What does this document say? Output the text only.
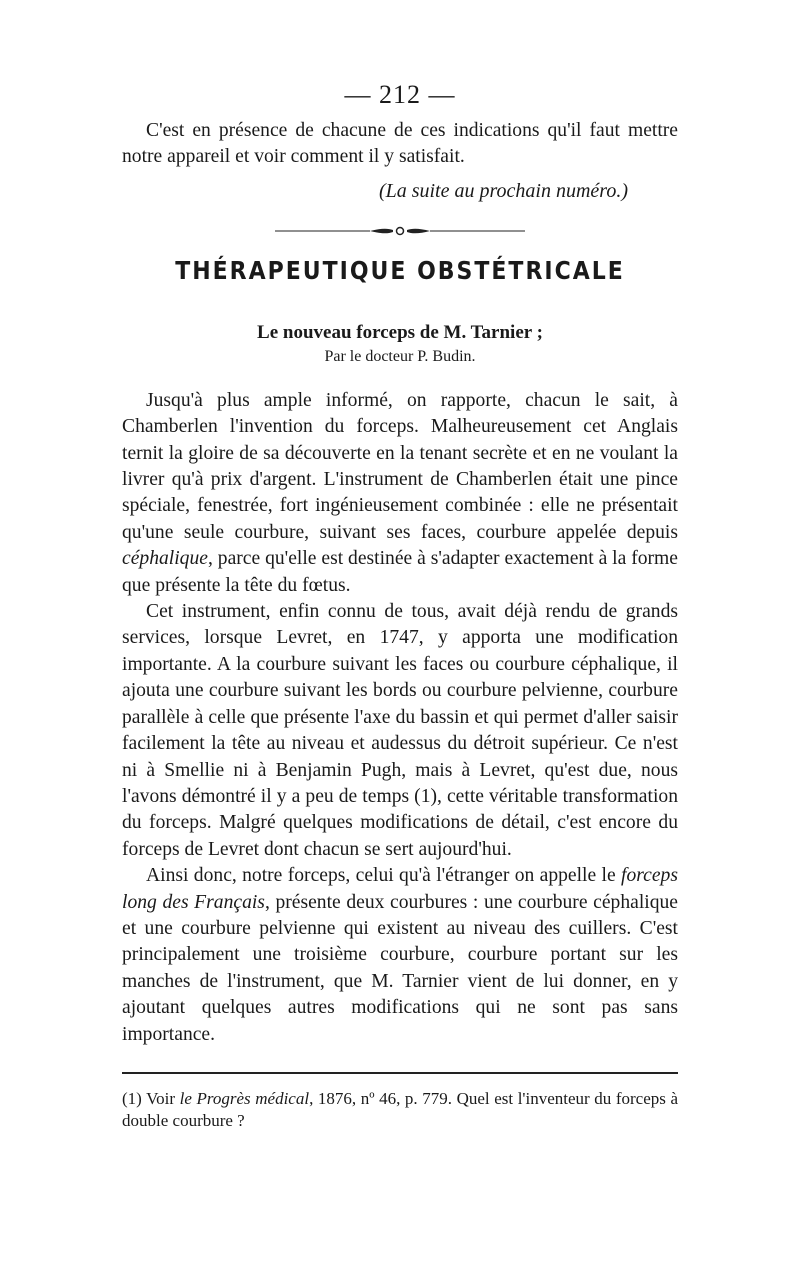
— 212 —

C'est en présence de chacune de ces indications qu'il faut mettre notre appareil et voir comment il y satisfait.

(La suite au prochain numéro.)
THÉRAPEUTIQUE OBSTÉTRICALE
Le nouveau forceps de M. Tarnier ;
Par le docteur P. Budin.

Jusqu'à plus ample informé, on rapporte, chacun le sait, à Chamberlen l'invention du forceps. Malheureusement cet Anglais ternit la gloire de sa découverte en la tenant secrète et en ne voulant la livrer qu'à prix d'argent. L'instrument de Chamberlen était une pince spéciale, fenestrée, fort ingénieusement combinée : elle ne présentait qu'une seule courbure, suivant ses faces, courbure appelée depuis céphalique, parce qu'elle est destinée à s'adapter exactement à la forme que présente la tête du fœtus.

Cet instrument, enfin connu de tous, avait déjà rendu de grands services, lorsque Levret, en 1747, y apporta une modification importante. A la courbure suivant les faces ou courbure céphalique, il ajouta une courbure suivant les bords ou courbure pelvienne, courbure parallèle à celle que présente l'axe du bassin et qui permet d'aller saisir facilement la tête au niveau et audessus du détroit supérieur. Ce n'est ni à Smellie ni à Benjamin Pugh, mais à Levret, qu'est due, nous l'avons démontré il y a peu de temps (1), cette véritable transformation du forceps. Malgré quelques modifications de détail, c'est encore du forceps de Levret dont chacun se sert aujourd'hui.

Ainsi donc, notre forceps, celui qu'à l'étranger on appelle le forceps long des Français, présente deux courbures : une courbure céphalique et une courbure pelvienne qui existent au niveau des cuillers. C'est principalement une troisième courbure, courbure portant sur les manches de l'instrument, que M. Tarnier vient de lui donner, en y ajoutant quelques autres modifications qui ne sont pas sans importance.

(1) Voir le Progrès médical, 1876, nº 46, p. 779. Quel est l'inventeur du forceps à double courbure ?
